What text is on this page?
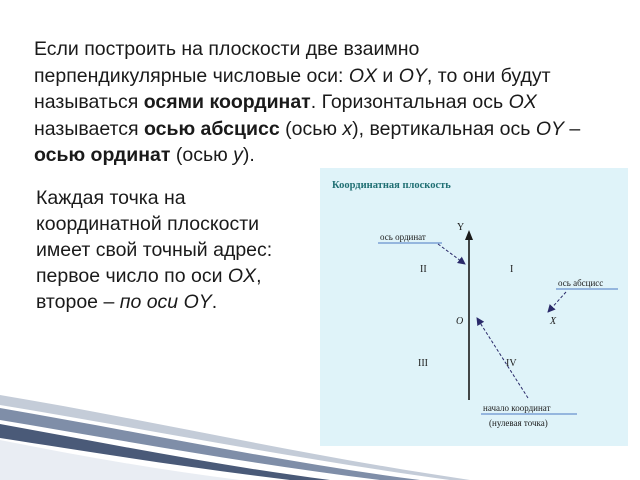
Если построить на плоскости две взаимно перпендикулярные числовые оси: OX и OY, то они будут называться осями координат. Горизонтальная ось OX называется осью абсцисс (осью x), вертикальная ось OY – осью ординат (осью y).

Каждая точка на координатной плоскости имеет свой точный адрес: первое число по оси OX, второе – по оси OY.

Координатная плоскость
Y
X
O
II	I
III	IV
ось ординат
ось абсцисс
начало координат
(нулевая точка)
